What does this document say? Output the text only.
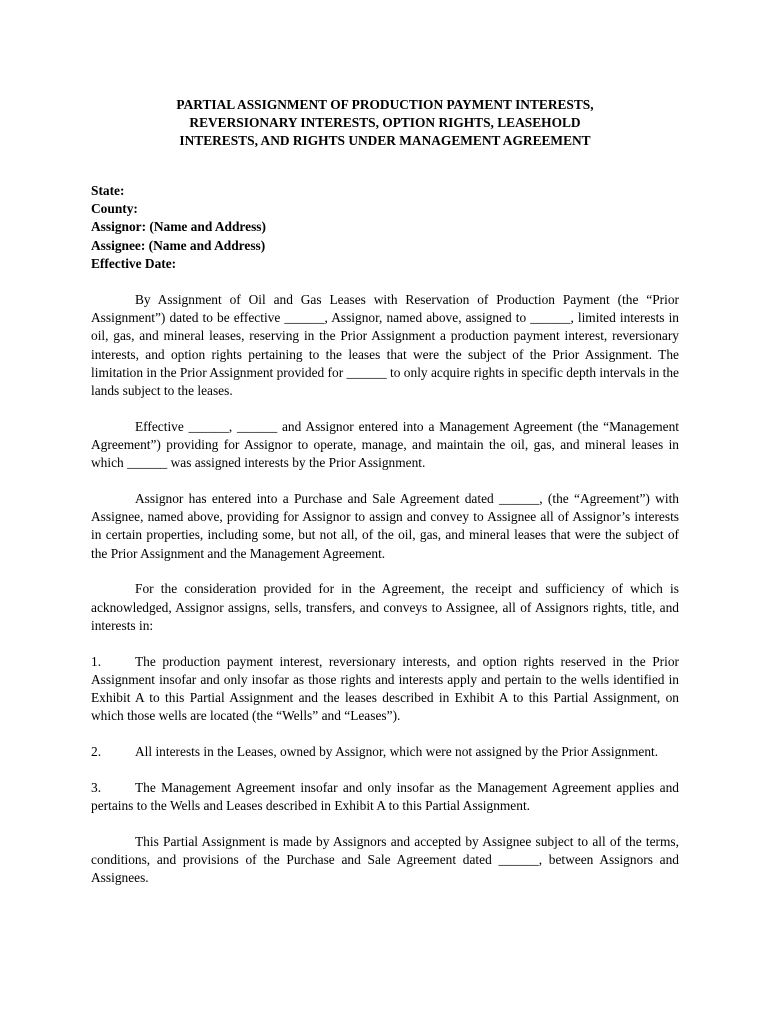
PARTIAL ASSIGNMENT OF PRODUCTION PAYMENT INTERESTS,
REVERSIONARY INTERESTS, OPTION RIGHTS, LEASEHOLD
INTERESTS, AND RIGHTS UNDER MANAGEMENT AGREEMENT
State:
County:
Assignor: (Name and Address)
Assignee: (Name and Address)
Effective Date:

By Assignment of Oil and Gas Leases with Reservation of Production Payment (the “Prior Assignment”) dated to be effective ______, Assignor, named above, assigned to ______, limited interests in oil, gas, and mineral leases, reserving in the Prior Assignment a production payment interest, reversionary interests, and option rights pertaining to the leases that were the subject of the Prior Assignment. The limitation in the Prior Assignment provided for ______ to only acquire rights in specific depth intervals in the lands subject to the leases.

Effective ______, ______ and Assignor entered into a Management Agreement (the “Management Agreement”) providing for Assignor to operate, manage, and maintain the oil, gas, and mineral leases in which ______ was assigned interests by the Prior Assignment.

Assignor has entered into a Purchase and Sale Agreement dated ______, (the “Agreement”) with Assignee, named above, providing for Assignor to assign and convey to Assignee all of Assignor’s interests in certain properties, including some, but not all, of the oil, gas, and mineral leases that were the subject of the Prior Assignment and the Management Agreement.

For the consideration provided for in the Agreement, the receipt and sufficiency of which is acknowledged, Assignor assigns, sells, transfers, and conveys to Assignee, all of Assignors rights, title, and interests in:

1.	The production payment interest, reversionary interests, and option rights reserved in the Prior Assignment insofar and only insofar as those rights and interests apply and pertain to the wells identified in Exhibit A to this Partial Assignment and the leases described in Exhibit A to this Partial Assignment, on which those wells are located (the “Wells” and “Leases”).

2.	All interests in the Leases, owned by Assignor, which were not assigned by the Prior Assignment.

3.	The Management Agreement insofar and only insofar as the Management Agreement applies and pertains to the Wells and Leases described in Exhibit A to this Partial Assignment.

This Partial Assignment is made by Assignors and accepted by Assignee subject to all of the terms, conditions, and provisions of the Purchase and Sale Agreement dated ______, between Assignors and Assignees.
